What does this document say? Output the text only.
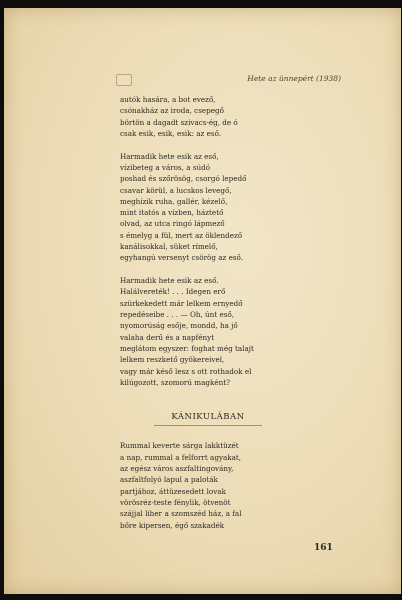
Hete az ünnepért (1938)
autók hasára, a bot evező,
csónakház az iroda, csepegő
börtön a dagadt szivacs-ég, de ó
csak esik, esik, esik: az eső.
Harmadik hete esik az eső,
vízibeteg a város, a súdó
poshad és szőrösög, csorgó lepedő
csavar körül, a lucskos levegő,
meghízik ruha, gallér, kézelő,
mint itatós a vízben, háztető
olvad, az utca ringó lápmező
s émelyg a fül, mert az öklendező
kanálisokkal, süket rímelő,
egyhangú versenyt csörög az eső.
Harmadik hete esik az eső.
Halálvereték! . . . Idegen erő
szürkekedett már lelkem ernyedő
repedéseibe . . . — Oh, únt eső,
nyomorúság esője, mondd, ha jő
valaha derű és a napfényt
meglátom egyszer: foghat még talajt
lelkem reszkető gyökereivel,
vagy már késő lesz s ott rothadok el
kilúgozott, szomorú magként?
KÁNIKULÁBAN
Rummal keverte sárga lakktüzét
a nap, rummal a felforrt agyakat,
az egész város aszfaltingovány,
aszfaltfolyó lapul a paloták
partjához, áttüzesedett lovak
vörösréz-teste fénylik, ötvenöt
szájjal lihег a szomszéd ház, a fal
bőre kipersen, égő szakadék
161
